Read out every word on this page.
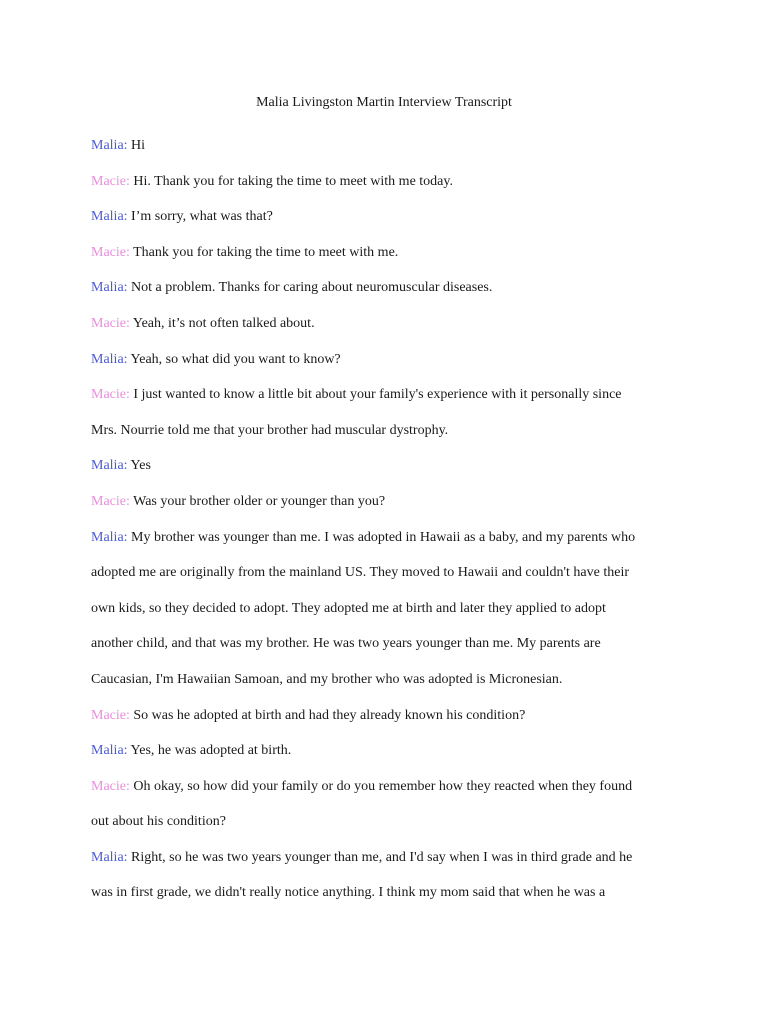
Malia Livingston Martin Interview Transcript
Malia: Hi
Macie: Hi. Thank you for taking the time to meet with me today.
Malia: I’m sorry, what was that?
Macie: Thank you for taking the time to meet with me.
Malia: Not a problem. Thanks for caring about neuromuscular diseases.
Macie: Yeah, it’s not often talked about.
Malia: Yeah, so what did you want to know?
Macie: I just wanted to know a little bit about your family's experience with it personally since
Mrs. Nourrie told me that your brother had muscular dystrophy.
Malia: Yes
Macie: Was your brother older or younger than you?
Malia: My brother was younger than me. I was adopted in Hawaii as a baby, and my parents who
adopted me are originally from the mainland US. They moved to Hawaii and couldn't have their
own kids, so they decided to adopt. They adopted me at birth and later they applied to adopt
another child, and that was my brother. He was two years younger than me. My parents are
Caucasian, I'm Hawaiian Samoan, and my brother who was adopted is Micronesian.
Macie: So was he adopted at birth and had they already known his condition?
Malia: Yes, he was adopted at birth.
Macie: Oh okay, so how did your family or do you remember how they reacted when they found
out about his condition?
Malia: Right, so he was two years younger than me, and I'd say when I was in third grade and he
was in first grade, we didn't really notice anything. I think my mom said that when he was a
